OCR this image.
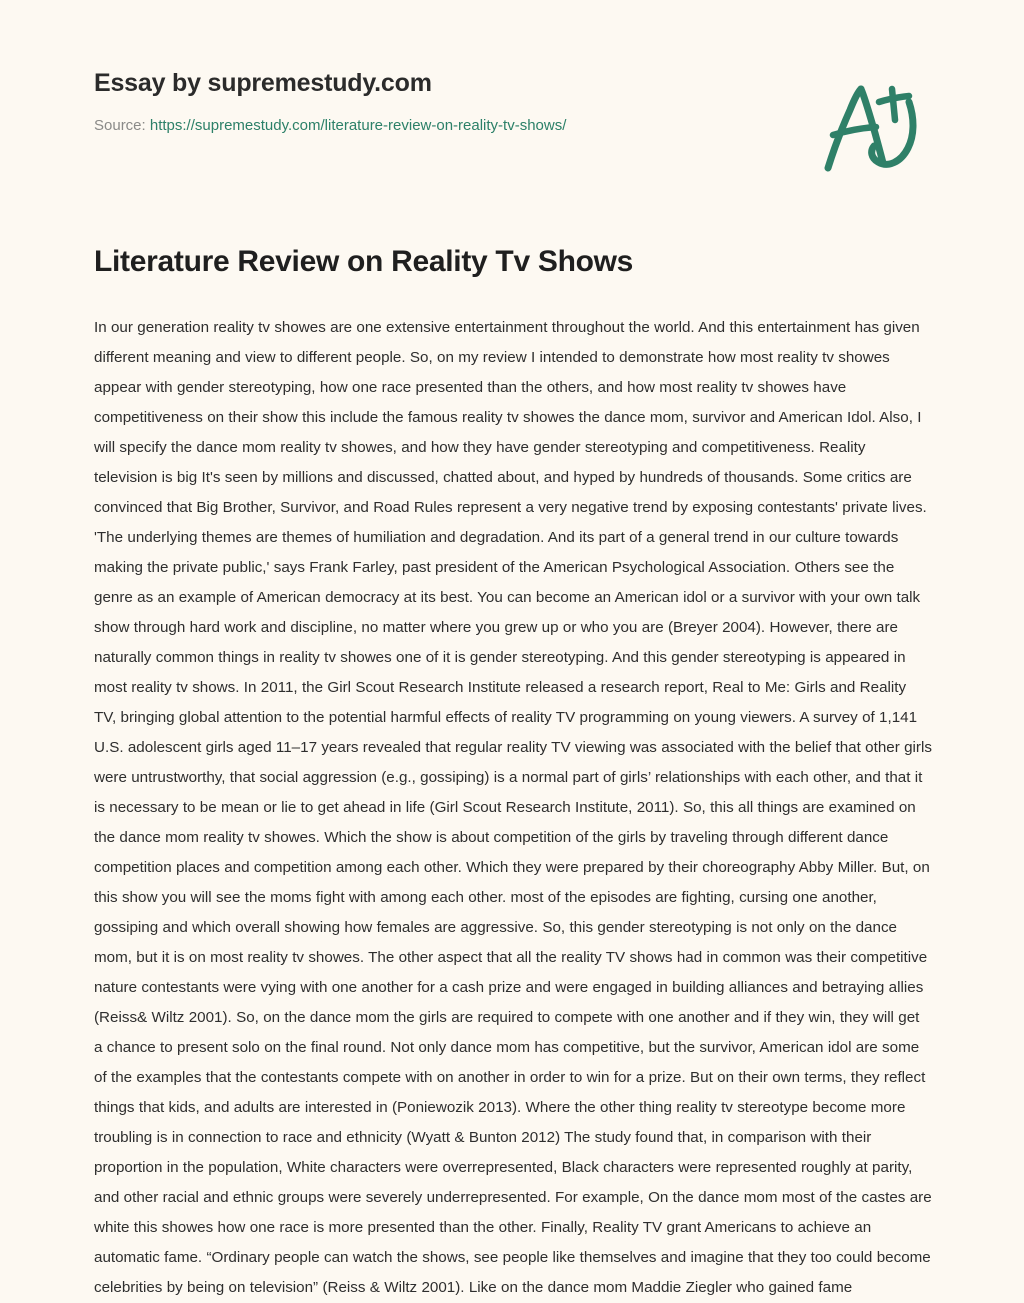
Essay by supremestudy.com
Source: https://supremestudy.com/literature-review-on-reality-tv-shows/
Literature Review on Reality Tv Shows
In our generation reality tv showes are one extensive entertainment throughout the world. And this entertainment has given different meaning and view to different people. So, on my review I intended to demonstrate how most reality tv showes appear with gender stereotyping, how one race presented than the others, and how most reality tv showes have competitiveness on their show this include the famous reality tv showes the dance mom, survivor and American Idol. Also, I will specify the dance mom reality tv showes, and how they have gender stereotyping and competitiveness. Reality television is big It's seen by millions and discussed, chatted about, and hyped by hundreds of thousands. Some critics are convinced that Big Brother, Survivor, and Road Rules represent a very negative trend by exposing contestants' private lives. 'The underlying themes are themes of humiliation and degradation. And its part of a general trend in our culture towards making the private public,' says Frank Farley, past president of the American Psychological Association. Others see the genre as an example of American democracy at its best. You can become an American idol or a survivor with your own talk show through hard work and discipline, no matter where you grew up or who you are (Breyer 2004). However, there are naturally common things in reality tv showes one of it is gender stereotyping. And this gender stereotyping is appeared in most reality tv shows. In 2011, the Girl Scout Research Institute released a research report, Real to Me: Girls and Reality TV, bringing global attention to the potential harmful effects of reality TV programming on young viewers. A survey of 1,141 U.S. adolescent girls aged 11–17 years revealed that regular reality TV viewing was associated with the belief that other girls were untrustworthy, that social aggression (e.g., gossiping) is a normal part of girls’ relationships with each other, and that it is necessary to be mean or lie to get ahead in life (Girl Scout Research Institute, 2011). So, this all things are examined on the dance mom reality tv showes. Which the show is about competition of the girls by traveling through different dance competition places and competition among each other. Which they were prepared by their choreography Abby Miller. But, on this show you will see the moms fight with among each other. most of the episodes are fighting, cursing one another, gossiping and which overall showing how females are aggressive. So, this gender stereotyping is not only on the dance mom, but it is on most reality tv showes. The other aspect that all the reality TV shows had in common was their competitive nature contestants were vying with one another for a cash prize and were engaged in building alliances and betraying allies (Reiss& Wiltz 2001). So, on the dance mom the girls are required to compete with one another and if they win, they will get a chance to present solo on the final round. Not only dance mom has competitive, but the survivor, American idol are some of the examples that the contestants compete with on another in order to win for a prize. But on their own terms, they reflect things that kids, and adults are interested in (Poniewozik 2013). Where the other thing reality tv stereotype become more troubling is in connection to race and ethnicity (Wyatt & Bunton 2012) The study found that, in comparison with their proportion in the population, White characters were overrepresented, Black characters were represented roughly at parity, and other racial and ethnic groups were severely underrepresented. For example, On the dance mom most of the castes are white this showes how one race is more presented than the other. Finally, Reality TV grant Americans to achieve an automatic fame. “Ordinary people can watch the shows, see people like themselves and imagine that they too could become celebrities by being on television” (Reiss & Wiltz 2001). Like on the dance mom Maddie Ziegler who gained fame
